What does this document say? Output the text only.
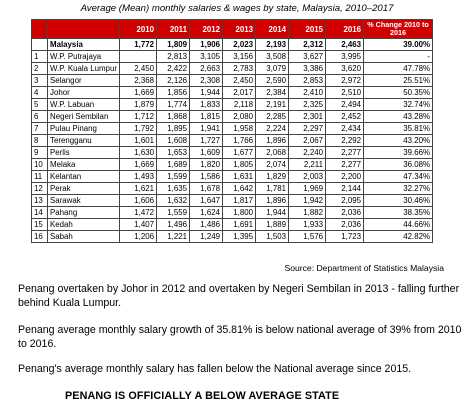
Average (Mean) monthly salaries & wages by state, Malaysia, 2010–2017
		2010	2011	2012	2013	2014	2015	2016	% Change 2010 to 2016
	Malaysia	1,772	1,809	1,906	2,023	2,193	2,312	2,463	39.00%
1	W.P. Putrajaya		2,813	3,105	3,156	3,508	3,627	3,995	-
2	W.P. Kuala Lumpur	2,450	2,422	2,663	2,783	3,079	3,386	3,620	47.78%
3	Selangor	2,368	2,126	2,308	2,450	2,590	2,853	2,972	25.51%
4	Johor	1,669	1,856	1,944	2,017	2,384	2,410	2,510	50.35%
5	W.P. Labuan	1,879	1,774	1,833	2,118	2,191	2,325	2,494	32.74%
6	Negeri Sembilan	1,712	1,868	1,815	2,080	2,285	2,301	2,452	43.28%
7	Pulau Pinang	1,792	1,895	1,941	1,958	2,224	2,297	2,434	35.81%
8	Terengganu	1,601	1,608	1,727	1,766	1,896	2,067	2,292	43.20%
9	Perlis	1,630	1,653	1,609	1,677	2,068	2,240	2,277	39.66%
10	Melaka	1,669	1,689	1,820	1,805	2,074	2,211	2,277	36.08%
11	Kelantan	1,493	1,599	1,586	1,631	1,829	2,003	2,200	47.34%
12	Perak	1,621	1,635	1,678	1,642	1,781	1,969	2,144	32.27%
13	Sarawak	1,606	1,632	1,647	1,817	1,896	1,942	2,095	30.46%
14	Pahang	1,472	1,559	1,624	1,800	1,944	1,882	2,036	38.35%
15	Kedah	1,407	1,496	1,486	1,691	1,889	1,933	2,036	44.66%
16	Sabah	1,206	1,221	1,249	1,395	1,503	1,576	1,723	42.82%
Source: Department of Statistics Malaysia
Penang overtaken by Johor in 2012 and overtaken by Negeri Sembilan in 2013 - falling further behind Kuala Lumpur.
Penang average monthly salary growth of 35.81% is below national average of 39% from 2010 to 2016.
Penang's average monthly salary has fallen below the National average since 2015.
PENANG IS OFFICIALLY A BELOW AVERAGE STATE
